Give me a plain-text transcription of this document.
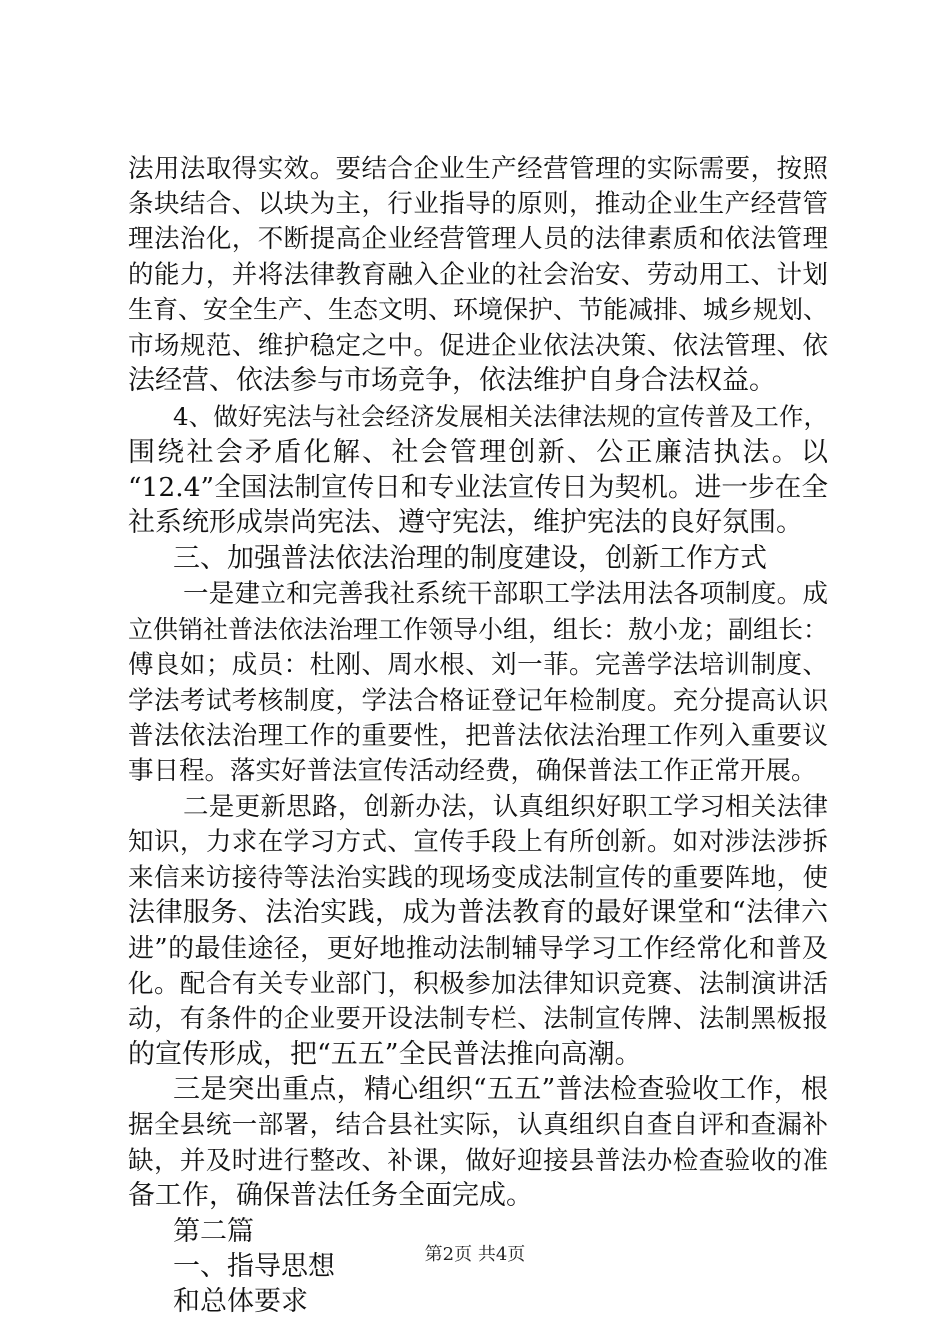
法用法取得实效。要结合企业生产经营管理的实际需要，按照
条块结合、以块为主，行业指导的原则，推动企业生产经营管
理法治化，不断提高企业经营管理人员的法律素质和依法管理
的能力，并将法律教育融入企业的社会治安、劳动用工、计划
生育、安全生产、生态文明、环境保护、节能减排、城乡规划、
市场规范、维护稳定之中。促进企业依法决策、依法管理、依
法经营、依法参与市场竞争，依法维护自身合法权益。
4、做好宪法与社会经济发展相关法律法规的宣传普及工作，
围绕社会矛盾化解、社会管理创新、公正廉洁执法。以
“12.4”全国法制宣传日和专业法宣传日为契机。进一步在全
社系统形成崇尚宪法、遵守宪法，维护宪法的良好氛围。
三、加强普法依法治理的制度建设，创新工作方式
一是建立和完善我社系统干部职工学法用法各项制度。成
立供销社普法依法治理工作领导小组，组长：敖小龙；副组长：
傅良如；成员：杜刚、周水根、刘一菲。完善学法培训制度、
学法考试考核制度，学法合格证登记年检制度。充分提高认识
普法依法治理工作的重要性，把普法依法治理工作列入重要议
事日程。落实好普法宣传活动经费，确保普法工作正常开展。
二是更新思路，创新办法，认真组织好职工学习相关法律
知识，力求在学习方式、宣传手段上有所创新。如对涉法涉拆
来信来访接待等法治实践的现场变成法制宣传的重要阵地，使
法律服务、法治实践，成为普法教育的最好课堂和“法律六
进”的最佳途径，更好地推动法制辅导学习工作经常化和普及
化。配合有关专业部门，积极参加法律知识竞赛、法制演讲活
动，有条件的企业要开设法制专栏、法制宣传牌、法制黑板报
的宣传形成，把“五五”全民普法推向高潮。
三是突出重点，精心组织“五五”普法检查验收工作，根
据全县统一部署，结合县社实际，认真组织自查自评和查漏补
缺，并及时进行整改、补课，做好迎接县普法办检查验收的准
备工作，确保普法任务全面完成。
第二篇
一、指导思想
和总体要求
第2页 共4页
